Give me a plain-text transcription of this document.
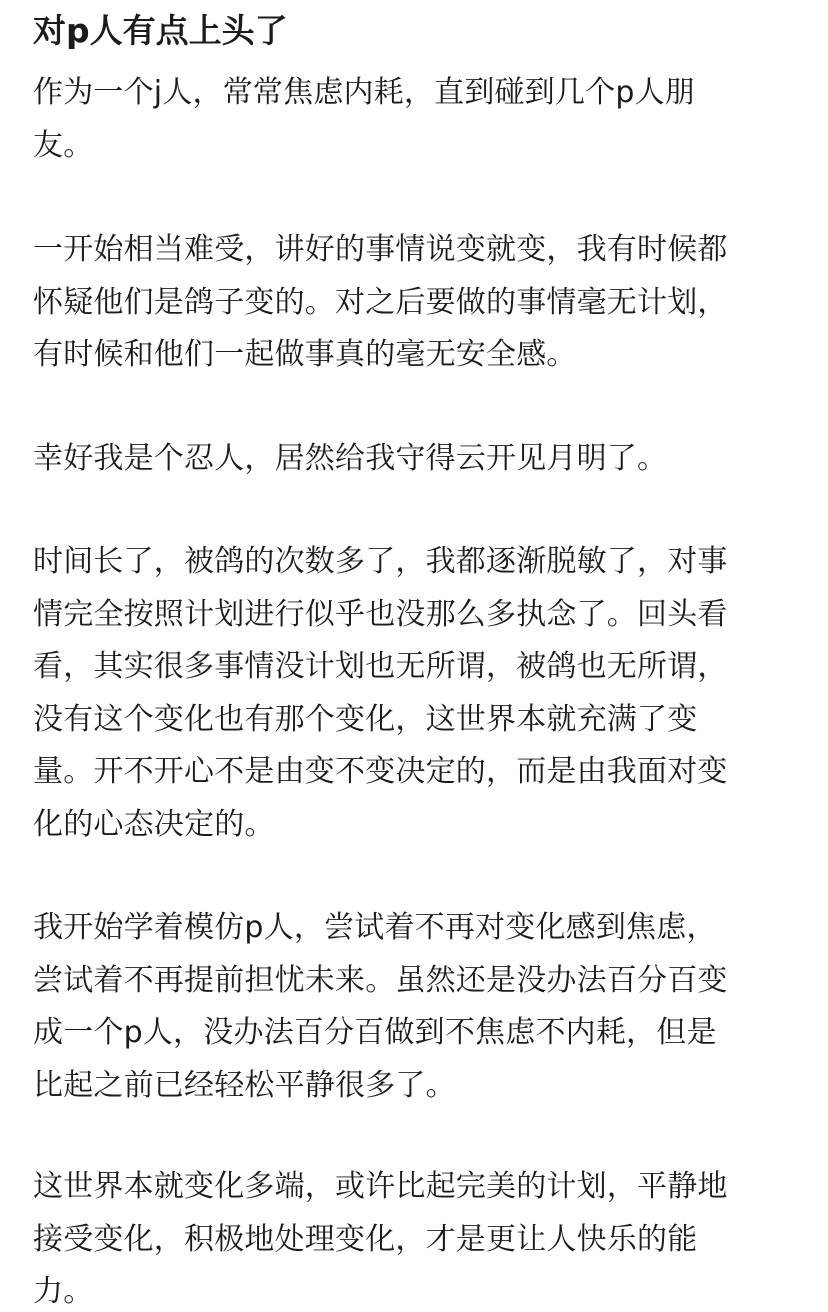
对p人有点上头了
作为一个j人，常常焦虑内耗，直到碰到几个p人朋
友。
一开始相当难受，讲好的事情说变就变，我有时候都
怀疑他们是鸽子变的。对之后要做的事情毫无计划，
有时候和他们一起做事真的毫无安全感。
幸好我是个忍人，居然给我守得云开见月明了。
时间长了，被鸽的次数多了，我都逐渐脱敏了，对事
情完全按照计划进行似乎也没那么多执念了。回头看
看，其实很多事情没计划也无所谓，被鸽也无所谓，
没有这个变化也有那个变化，这世界本就充满了变
量。开不开心不是由变不变决定的，而是由我面对变
化的心态决定的。
我开始学着模仿p人，尝试着不再对变化感到焦虑，
尝试着不再提前担忧未来。虽然还是没办法百分百变
成一个p人，没办法百分百做到不焦虑不内耗，但是
比起之前已经轻松平静很多了。
这世界本就变化多端，或许比起完美的计划，平静地
接受变化，积极地处理变化，才是更让人快乐的能
力。
